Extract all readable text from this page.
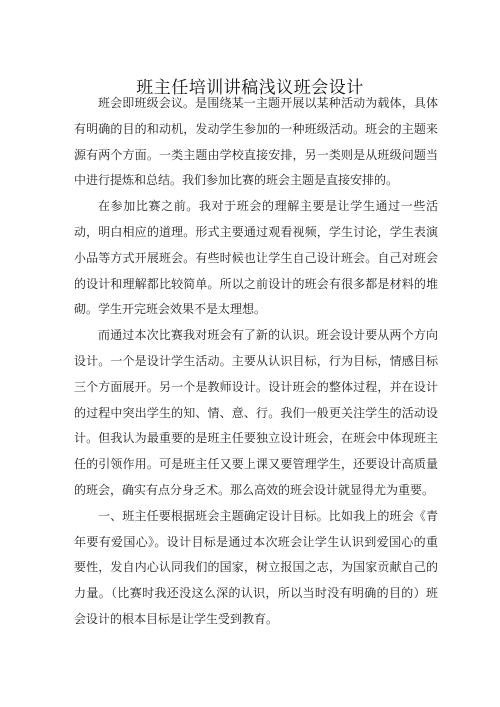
班主任培训讲稿浅议班会设计

班会即班级会议。是围绕某一主题开展以某种活动为载体，具体有明确的目的和动机，发动学生参加的一种班级活动。班会的主题来源有两个方面。一类主题由学校直接安排，另一类则是从班级问题当中进行提炼和总结。我们参加比赛的班会主题是直接安排的。

在参加比赛之前。我对于班会的理解主要是让学生通过一些活动，明白相应的道理。形式主要通过观看视频，学生讨论，学生表演小品等方式开展班会。有些时候也让学生自己设计班会。自己对班会的设计和理解都比较简单。所以之前设计的班会有很多都是材料的堆砌。学生开完班会效果不是太理想。

而通过本次比赛我对班会有了新的认识。班会设计要从两个方向设计。一个是设计学生活动。主要从认识目标，行为目标，情感目标三个方面展开。另一个是教师设计。设计班会的整体过程，并在设计的过程中突出学生的知、情、意、行。我们一般更关注学生的活动设计。但我认为最重要的是班主任要独立设计班会，在班会中体现班主任的引领作用。可是班主任又要上课又要管理学生，还要设计高质量的班会，确实有点分身乏术。那么高效的班会设计就显得尤为重要。

一、班主任要根据班会主题确定设计目标。比如我上的班会《青年要有爱国心》。设计目标是通过本次班会让学生认识到爱国心的重要性，发自内心认同我们的国家，树立报国之志，为国家贡献自己的力量。（比赛时我还没这么深的认识，所以当时没有明确的目的）班会设计的根本目标是让学生受到教育。
